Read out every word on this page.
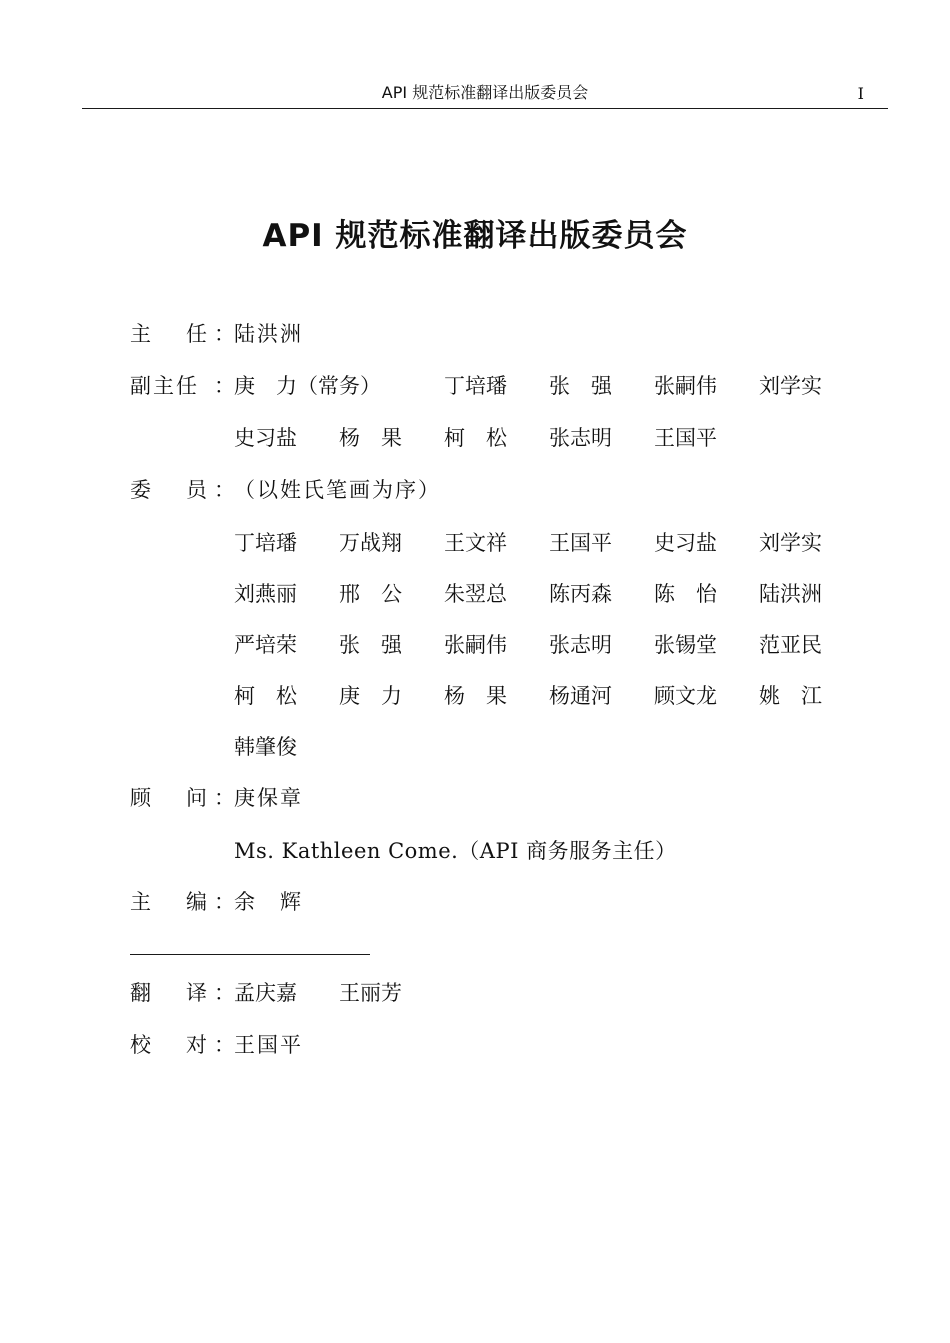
API 规范标准翻译出版委员会	I
API 规范标准翻译出版委员会
主 任 ： 陆洪洲
副主任 ： 庚　力（常务）	丁培璠	张　强	张嗣伟	刘学实
史习盐	杨　果	柯　松	张志明	王国平
委 员 ： （以姓氏笔画为序）
丁培璠	万战翔	王文祥	王国平	史习盐	刘学实
刘燕丽	邢　公	朱翌总	陈丙森	陈　怡	陆洪洲
严培荣	张　强	张嗣伟	张志明	张锡堂	范亚民
柯　松	庚　力	杨　果	杨通河	顾文龙	姚　江
韩肇俊
顾 问 ： 庚保章
Ms. Kathleen Come.（API 商务服务主任）
主 编 ： 余　辉
翻 译 ： 孟庆嘉	王丽芳
校 对 ： 王国平
